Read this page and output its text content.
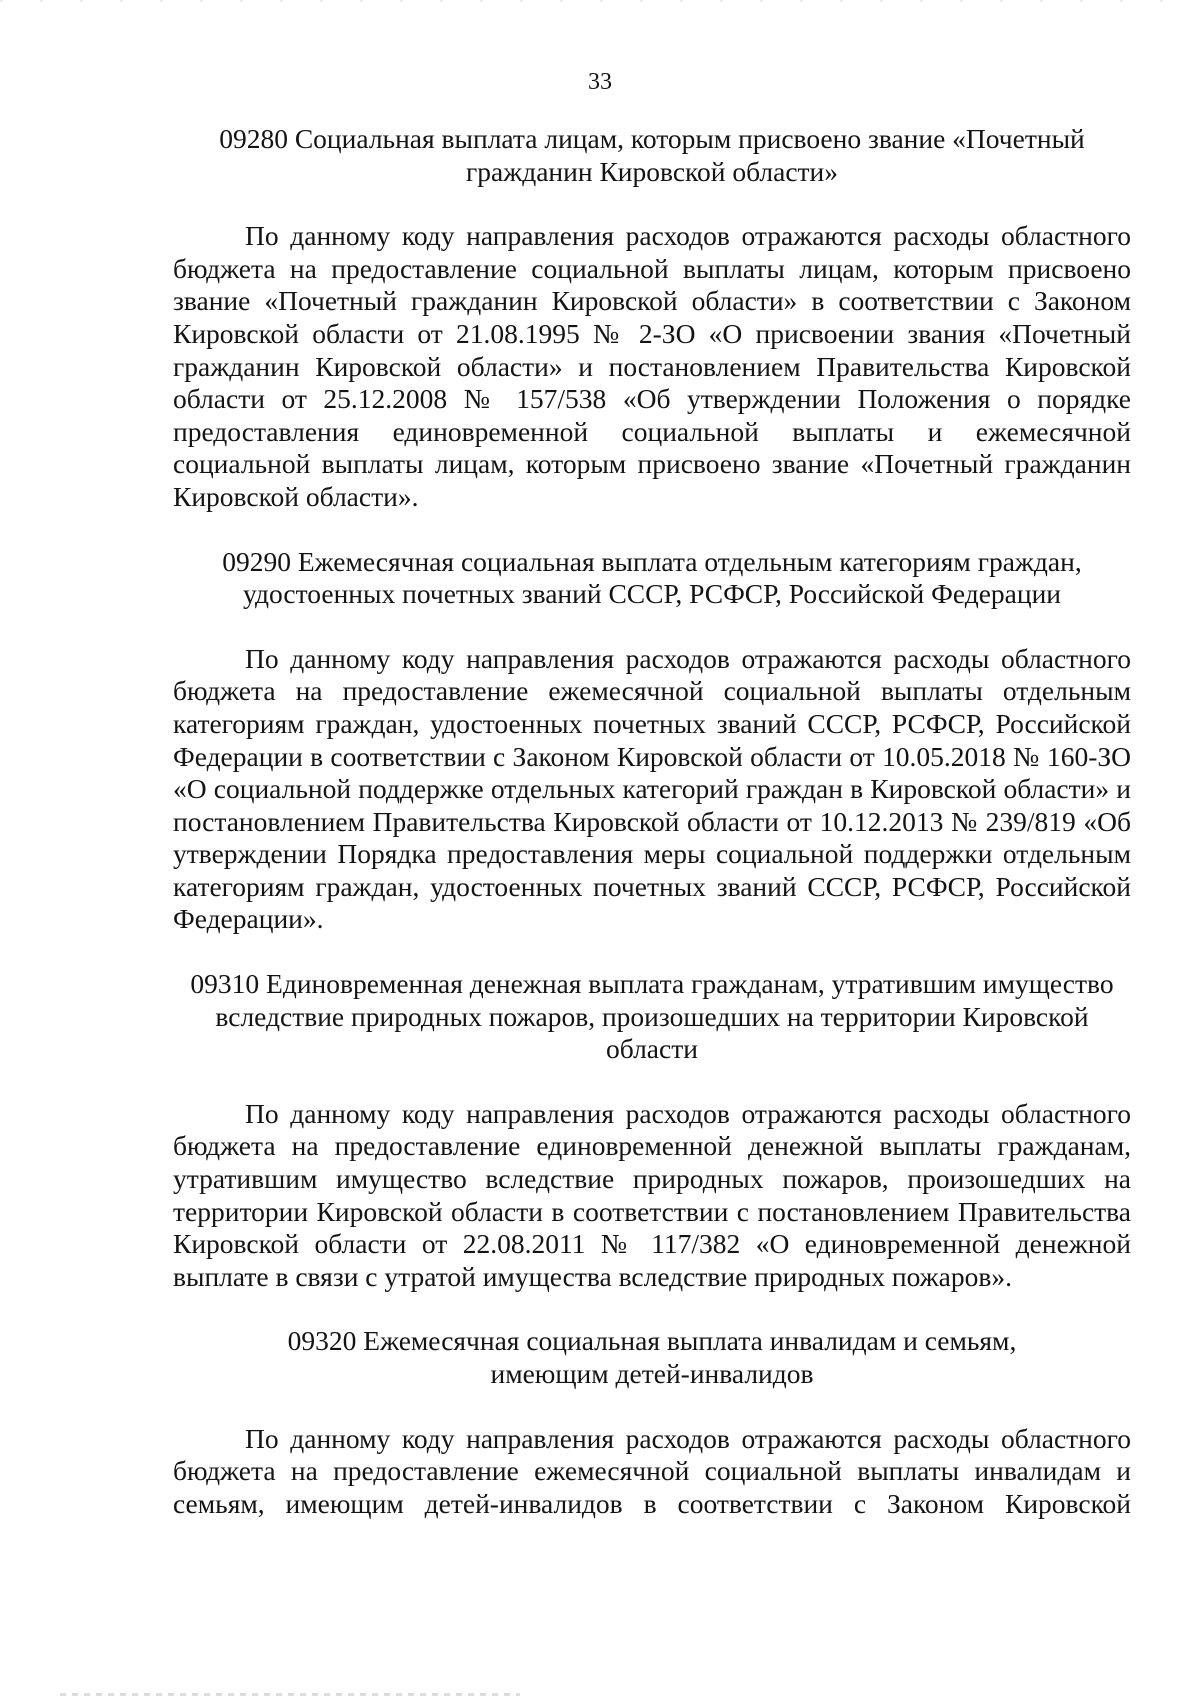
33

09280 Социальная выплата лицам, которым присвоено звание «Почетный гражданин Кировской области»

По данному коду направления расходов отражаются расходы областного бюджета на предоставление социальной выплаты лицам, которым присвоено звание «Почетный гражданин Кировской области» в соответствии с Законом Кировской области от 21.08.1995 № 2-ЗО «О присвоении звания «Почетный гражданин Кировской области» и постановлением Правительства Кировской области от 25.12.2008 № 157/538 «Об утверждении Положения о порядке предоставления единовременной социальной выплаты и ежемесячной социальной выплаты лицам, которым присвоено звание «Почетный гражданин Кировской области».

09290 Ежемесячная социальная выплата отдельным категориям граждан, удостоенных почетных званий СССР, РСФСР, Российской Федерации

По данному коду направления расходов отражаются расходы областного бюджета на предоставление ежемесячной социальной выплаты отдельным категориям граждан, удостоенных почетных званий СССР, РСФСР, Российской Федерации в соответствии с Законом Кировской области от 10.05.2018 № 160-ЗО «О социальной поддержке отдельных категорий граждан в Кировской области» и постановлением Правительства Кировской области от 10.12.2013 № 239/819 «Об утверждении Порядка предоставления меры социальной поддержки отдельным категориям граждан, удостоенных почетных званий СССР, РСФСР, Российской Федерации».

09310 Единовременная денежная выплата гражданам, утратившим имущество вследствие природных пожаров, произошедших на территории Кировской области

По данному коду направления расходов отражаются расходы областного бюджета на предоставление единовременной денежной выплаты гражданам, утратившим имущество вследствие природных пожаров, произошедших на территории Кировской области в соответствии с постановлением Правительства Кировской области от 22.08.2011 № 117/382 «О единовременной денежной выплате в связи с утратой имущества вследствие природных пожаров».

09320 Ежемесячная социальная выплата инвалидам и семьям, имеющим детей-инвалидов

По данному коду направления расходов отражаются расходы областного бюджета на предоставление ежемесячной социальной выплаты инвалидам и семьям, имеющим детей-инвалидов в соответствии с Законом Кировской
